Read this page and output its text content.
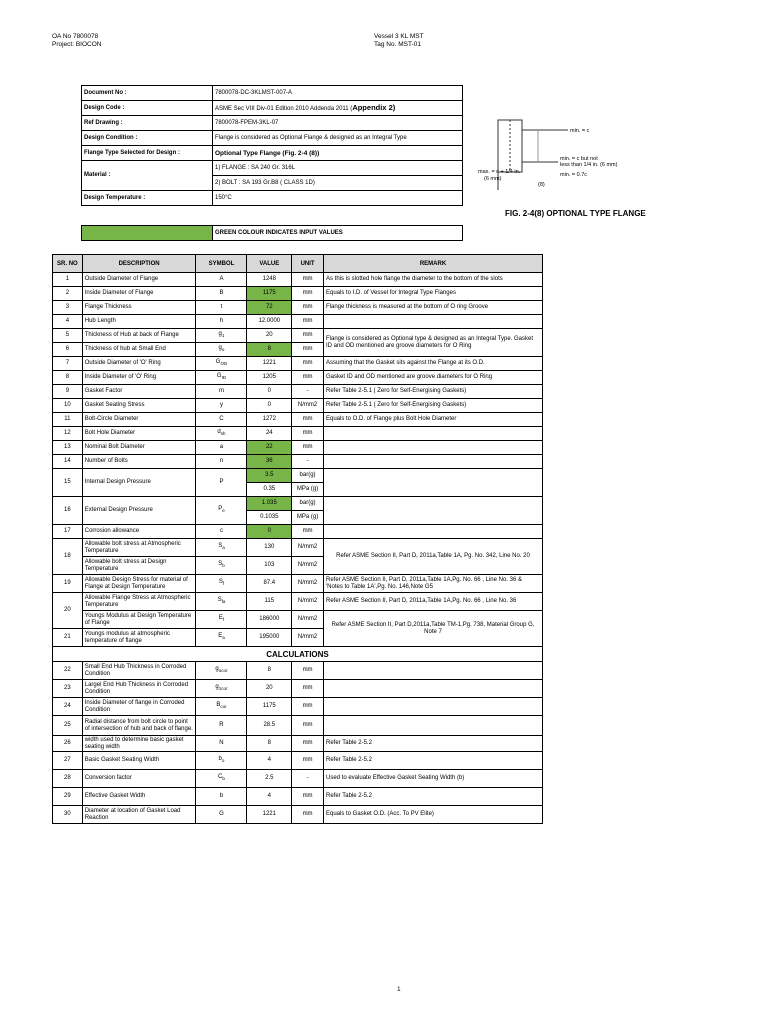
OA No 7800078
Project: BIOCON
Vessel 3 KL MST
Tag No. MST-01
Document No :	7800078-DC-3KLMST-007-A
Design Code :	ASME Sec VIII Div-01 Edition 2010 Addenda 2011 (Appendix 2)
Ref Drawing :	7800078-FPEM-3KL-07
Design Condition :	Flange is considered as Optional Flange & designed as an Integral Type
Flange Type Selected for Design :	Optional Type Flange (Fig. 2-4 (8))
Material :	1) FLANGE : SA 240 Gr. 316L
	2) BOLT : SA 193 Gr.B8 ( CLASS 1D)
Design Temperature :	150°C
min. = c
min. = c but not
less than 1/4 in. (6 mm)
max. = c + 1/4 in.
(6 mm)
min. = 0.7c
(8)
FIG. 2-4(8) OPTIONAL TYPE FLANGE
	GREEN COLOUR INDICATES INPUT VALUES
SR. NO	DESCRIPTION	SYMBOL	VALUE	UNIT	REMARK
1	Outside Diameter of Flange	A	1248	mm	As this is slotted hole flange the diameter to the bottom of the slots
2	Inside Diameter of Flange	B	1175	mm	Equals to I.D. of Vessel for Integral Type Flanges
3	Flange Thickness	t	72	mm	Flange thickness is measured at the bottom of O ring Groove
4	Hub Length	h	12.0000	mm	
5	Thickness of Hub at back of Flange	$g_1$	20	mm	Flange is considered as Optional type & designed as an Integral Type. Gasket ID and OD mentioned are groove diameters for O Ring
6	Thickness of hub at Small End	$g_o$	8	mm	
7	Outside Diameter of 'O' Ring	$G_{OD}$	1221	mm	Assuming that the Gasket sits against the Flange at its O.D.
8	Inside Diameter of 'O' Ring	$G_{ID}$	1205	mm	Gasket ID and OD mentioned are groove diameters for O Ring
9	Gasket Factor	m	0	-	Refer Table 2-5.1 ( Zero for Self-Energising Gaskets)
10	Gasket Seating Stress	y	0	N/mm2	Refer Table 2-5.1 ( Zero for Self-Energising Gaskets)
11	Bolt-Circle Diameter	C	1272	mm	Equals to O.D. of Flange plus Bolt Hole Diameter
12	Bolt Hole Diameter	$d_{sh}$	24	mm	
13	Nominal Bolt Diameter	a	22	mm	
14	Number of Bolts	n	36	-	
15	Internal Design Pressure	P	3.5	bar(g)	
			0.35	MPa (g)	
16	External Design Pressure	$P_e$	1.035	bar(g)	
			0.1035	MPa (g)	
17	Corrosion allowance	c	0	mm	
18	Allowable bolt stress at Atmospheric Temperature	$S_a$	130	N/mm2	Refer ASME Section II, Part D, 2011a,Table 1A, Pg. No. 342, Line No. 20
	Allowable bolt stress at Design Temperature	$S_b$	103	N/mm2	
19	Allowable Design Stress for material of Flange at Design Temperature	$S_f$	87.4	N/mm2	Refer ASME Section II, Part D, 2011a,Table 1A,Pg. No. 66 , Line No. 36 & 'Notes to Table 1A',Pg. No. 146,Note G5
20	Allowable Flange Stress at Atmospheric Temperature	$S_{fa}$	115	N/mm2	Refer ASME Section II, Part D, 2011a,Table 1A,Pg. No. 66 , Line No. 36
	Youngs Modulus at Design Temperature of Flange	$E_f$	186000	N/mm2	Refer ASME Section II, Part D,2011a,Table TM-1,Pg. 738, Material Group G, Note 7
21	Youngs modulus at atmospheric temperature of flange	$E_a$	195000	N/mm2	
CALCULATIONS					
22	Small End Hub Thickness in Corroded Condition	$g_{ocor}$	8	mm	
23	Largel End Hub Thickness in Corroded Condition	$g_{1cor}$	20	mm	
24	Inside Diameter of flange in Corroded Condition	$B_{cor}$	1175	mm	
25	Radial distance from bolt circle to point of intersection of hub and back of flange.	R	28.5	mm	
26	width used to determine basic gasket seating width	N	8	mm	Refer Table 2-5.2
27	Basic Gasket Seating Width	$b_o$	4	mm	Refer Table 2-5.2
28	Conversion factor	$C_b$	2.5	-	Used to evaluate Effective Gasket Seating Width (b)
29	Effective Gasket Width	b	4	mm	Refer Table 2-5.2
30	Diameter at location of Gasket Load Reaction	G	1221	mm	Equals to Gasket O.D. (Acc. To PV Elite)
1
